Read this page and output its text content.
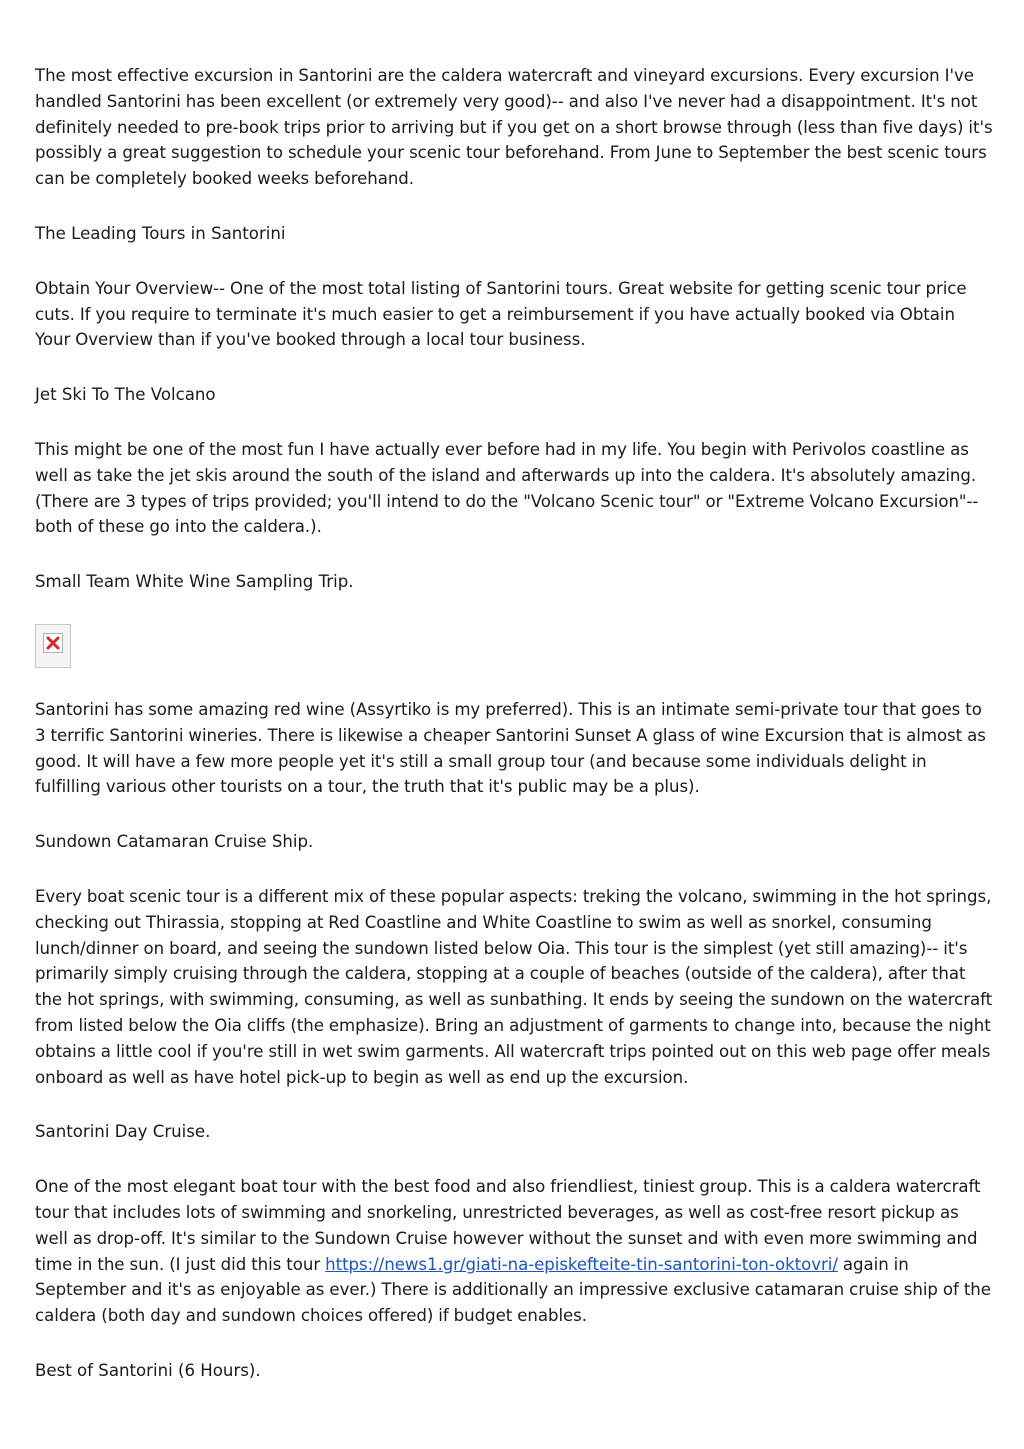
The most effective excursion in Santorini are the caldera watercraft and vineyard excursions. Every excursion I've handled Santorini has been excellent (or extremely very good)-- and also I've never had a disappointment. It's not definitely needed to pre-book trips prior to arriving but if you get on a short browse through (less than five days) it's possibly a great suggestion to schedule your scenic tour beforehand. From June to September the best scenic tours can be completely booked weeks beforehand.

The Leading Tours in Santorini

Obtain Your Overview-- One of the most total listing of Santorini tours. Great website for getting scenic tour price cuts. If you require to terminate it's much easier to get a reimbursement if you have actually booked via Obtain Your Overview than if you've booked through a local tour business.

Jet Ski To The Volcano

This might be one of the most fun I have actually ever before had in my life. You begin with Perivolos coastline as well as take the jet skis around the south of the island and afterwards up into the caldera. It's absolutely amazing. (There are 3 types of trips provided; you'll intend to do the "Volcano Scenic tour" or "Extreme Volcano Excursion"-- both of these go into the caldera.).

Small Team White Wine Sampling Trip.

Santorini has some amazing red wine (Assyrtiko is my preferred). This is an intimate semi-private tour that goes to 3 terrific Santorini wineries. There is likewise a cheaper Santorini Sunset A glass of wine Excursion that is almost as good. It will have a few more people yet it's still a small group tour (and because some individuals delight in fulfilling various other tourists on a tour, the truth that it's public may be a plus).

Sundown Catamaran Cruise Ship.

Every boat scenic tour is a different mix of these popular aspects: treking the volcano, swimming in the hot springs, checking out Thirassia, stopping at Red Coastline and White Coastline to swim as well as snorkel, consuming lunch/dinner on board, and seeing the sundown listed below Oia. This tour is the simplest (yet still amazing)-- it's primarily simply cruising through the caldera, stopping at a couple of beaches (outside of the caldera), after that the hot springs, with swimming, consuming, as well as sunbathing. It ends by seeing the sundown on the watercraft from listed below the Oia cliffs (the emphasize). Bring an adjustment of garments to change into, because the night obtains a little cool if you're still in wet swim garments. All watercraft trips pointed out on this web page offer meals onboard as well as have hotel pick-up to begin as well as end up the excursion.

Santorini Day Cruise.

One of the most elegant boat tour with the best food and also friendliest, tiniest group. This is a caldera watercraft tour that includes lots of swimming and snorkeling, unrestricted beverages, as well as cost-free resort pickup as well as drop-off. It's similar to the Sundown Cruise however without the sunset and with even more swimming and time in the sun. (I just did this tour https://news1.gr/giati-na-episkefteite-tin-santorini-ton-oktovri/ again in September and it's as enjoyable as ever.) There is additionally an impressive exclusive catamaran cruise ship of the caldera (both day and sundown choices offered) if budget enables.

Best of Santorini (6 Hours).
